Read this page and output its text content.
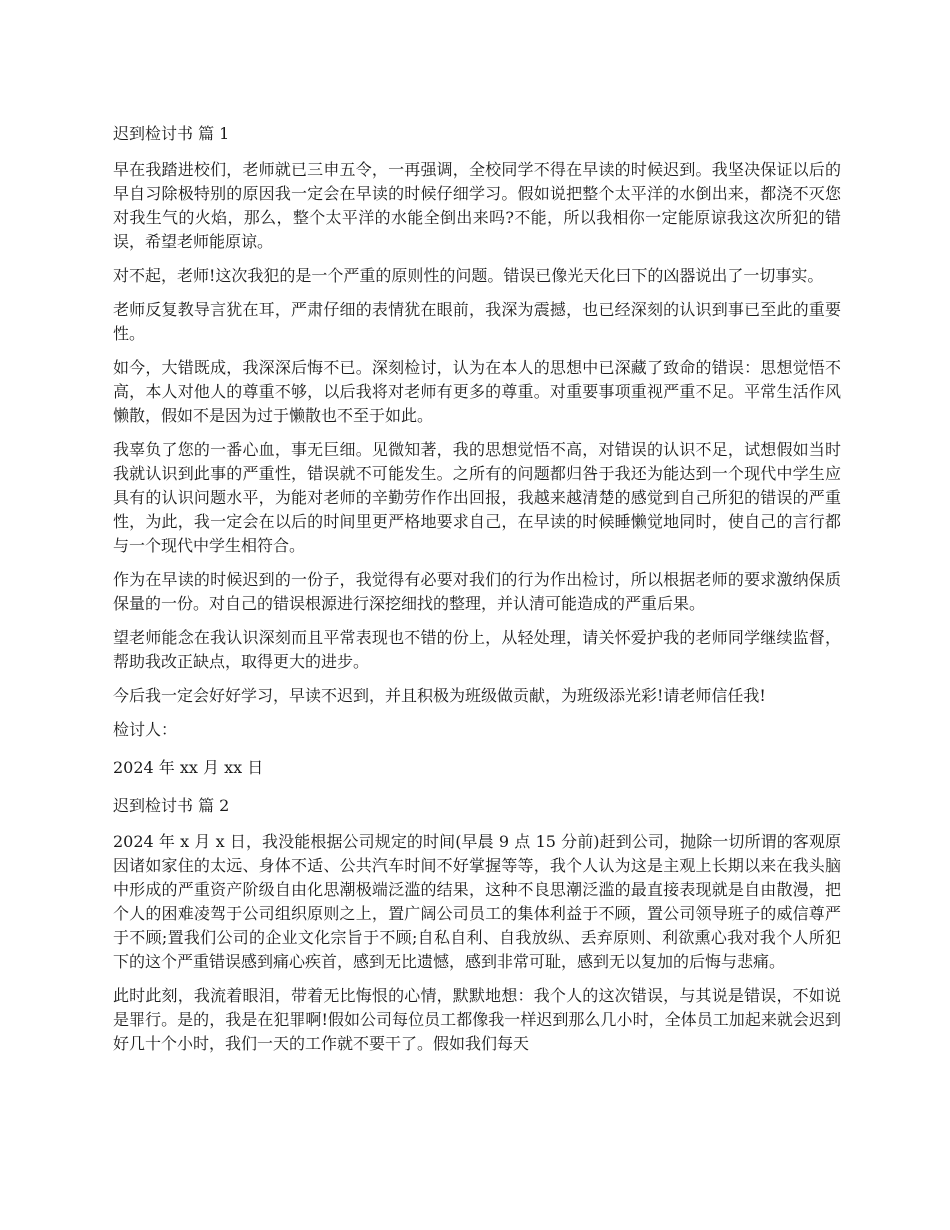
迟到检讨书 篇 1

早在我踏进校们，老师就已三申五令，一再强调，全校同学不得在早读的时候迟到。我坚决保证以后的早自习除极特别的原因我一定会在早读的时候仔细学习。假如说把整个太平洋的水倒出来，都浇不灭您对我生气的火焰，那么，整个太平洋的水能全倒出来吗?不能，所以我相你一定能原谅我这次所犯的错误，希望老师能原谅。

对不起，老师!这次我犯的是一个严重的原则性的问题。错误已像光天化曰下的凶器说出了一切事实。

老师反复教导言犹在耳，严肃仔细的表情犹在眼前，我深为震撼，也已经深刻的认识到事已至此的重要性。

如今，大错既成，我深深后悔不已。深刻检讨，认为在本人的思想中已深藏了致命的错误：思想觉悟不高，本人对他人的尊重不够，以后我将对老师有更多的尊重。对重要事项重视严重不足。平常生活作风懒散，假如不是因为过于懒散也不至于如此。

我辜负了您的一番心血，事无巨细。见微知著，我的思想觉悟不高，对错误的认识不足，试想假如当时我就认识到此事的严重性，错误就不可能发生。之所有的问题都归咎于我还为能达到一个现代中学生应具有的认识问题水平，为能对老师的辛勤劳作作出回报，我越来越清楚的感觉到自己所犯的错误的严重性，为此，我一定会在以后的时间里更严格地要求自己，在早读的时候睡懒觉地同时，使自己的言行都与一个现代中学生相符合。

作为在早读的时候迟到的一份子，我觉得有必要对我们的行为作出检讨，所以根据老师的要求激纳保质保量的一份。对自己的错误根源进行深挖细找的整理，并认清可能造成的严重后果。

望老师能念在我认识深刻而且平常表现也不错的份上，从轻处理，请关怀爱护我的老师同学继续监督，帮助我改正缺点，取得更大的进步。

今后我一定会好好学习，早读不迟到，并且积极为班级做贡献，为班级添光彩!请老师信任我!

检讨人：

2024 年 xx 月 xx 日

迟到检讨书 篇 2

2024 年 x 月 x 日，我没能根据公司规定的时间(早晨 9 点 15 分前)赶到公司，抛除一切所谓的客观原因诸如家住的太远、身体不适、公共汽车时间不好掌握等等，我个人认为这是主观上长期以来在我头脑中形成的严重资产阶级自由化思潮极端泛滥的结果，这种不良思潮泛滥的最直接表现就是自由散漫，把个人的困难凌驾于公司组织原则之上，置广阔公司员工的集体利益于不顾，置公司领导班子的威信尊严于不顾;置我们公司的企业文化宗旨于不顾;自私自利、自我放纵、丢弃原则、利欲熏心我对我个人所犯下的这个严重错误感到痛心疾首，感到无比遗憾，感到非常可耻，感到无以复加的后悔与悲痛。

此时此刻，我流着眼泪，带着无比悔恨的心情，默默地想：我个人的这次错误，与其说是错误，不如说是罪行。是的，我是在犯罪啊!假如公司每位员工都像我一样迟到那么几小时，全体员工加起来就会迟到好几十个小时，我们一天的工作就不要干了。假如我们每天
